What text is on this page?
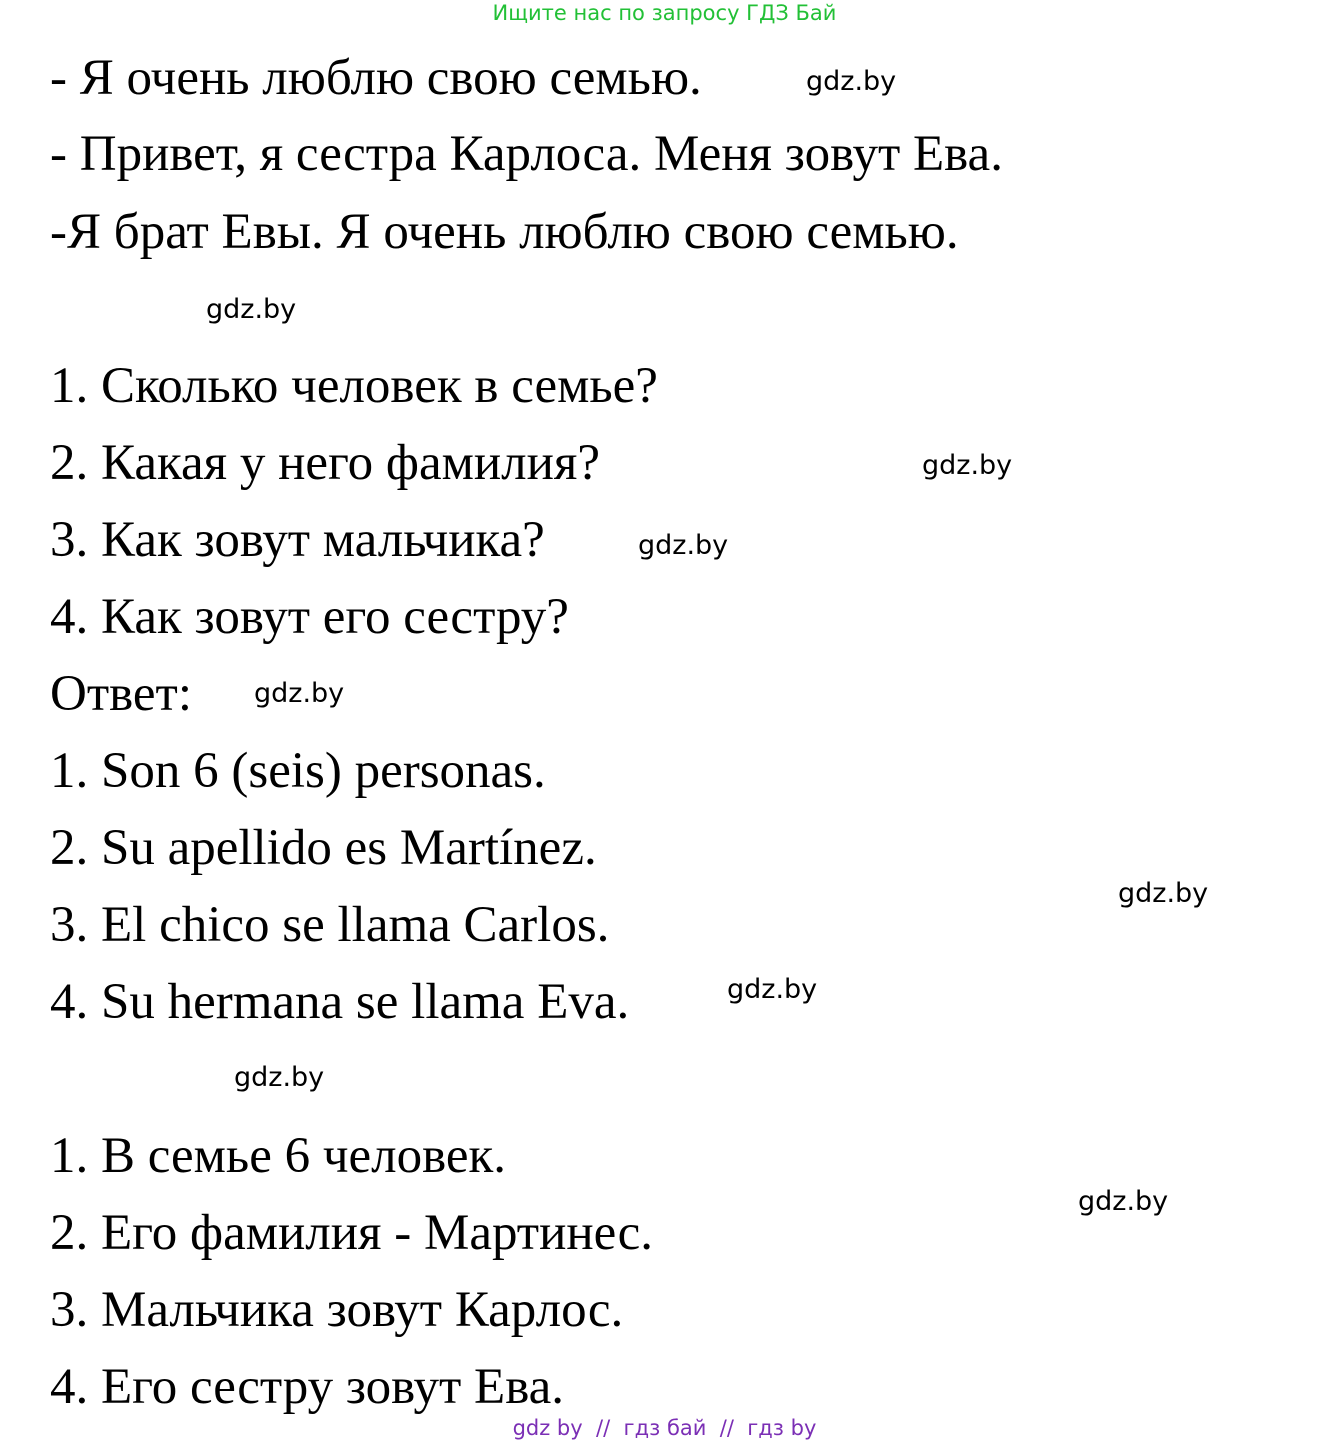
Ищите нас по запросу ГДЗ Бай
- Я очень люблю свою семью.
- Привет, я сестра Карлоса. Меня зовут Ева.
-Я брат Евы. Я очень люблю свою семью.
1. Сколько человек в семье?
2. Какая у него фамилия?
3. Как зовут мальчика?
4. Как зовут его сестру?
Ответ:
1. Son 6 (seis) personas.
2. Su apellido es Martínez.
3. El chico se llama Carlos.
4. Su hermana se llama Eva.
1. В семье 6 человек.
2. Его фамилия - Мартинес.
3. Мальчика зовут Карлос.
4. Его сестру зовут Ева.
gdz.by
gdz.by
gdz.by
gdz.by
gdz.by
gdz.by
gdz.by
gdz.by
gdz.by
gdz by  //  гдз бай  //  гдз by
